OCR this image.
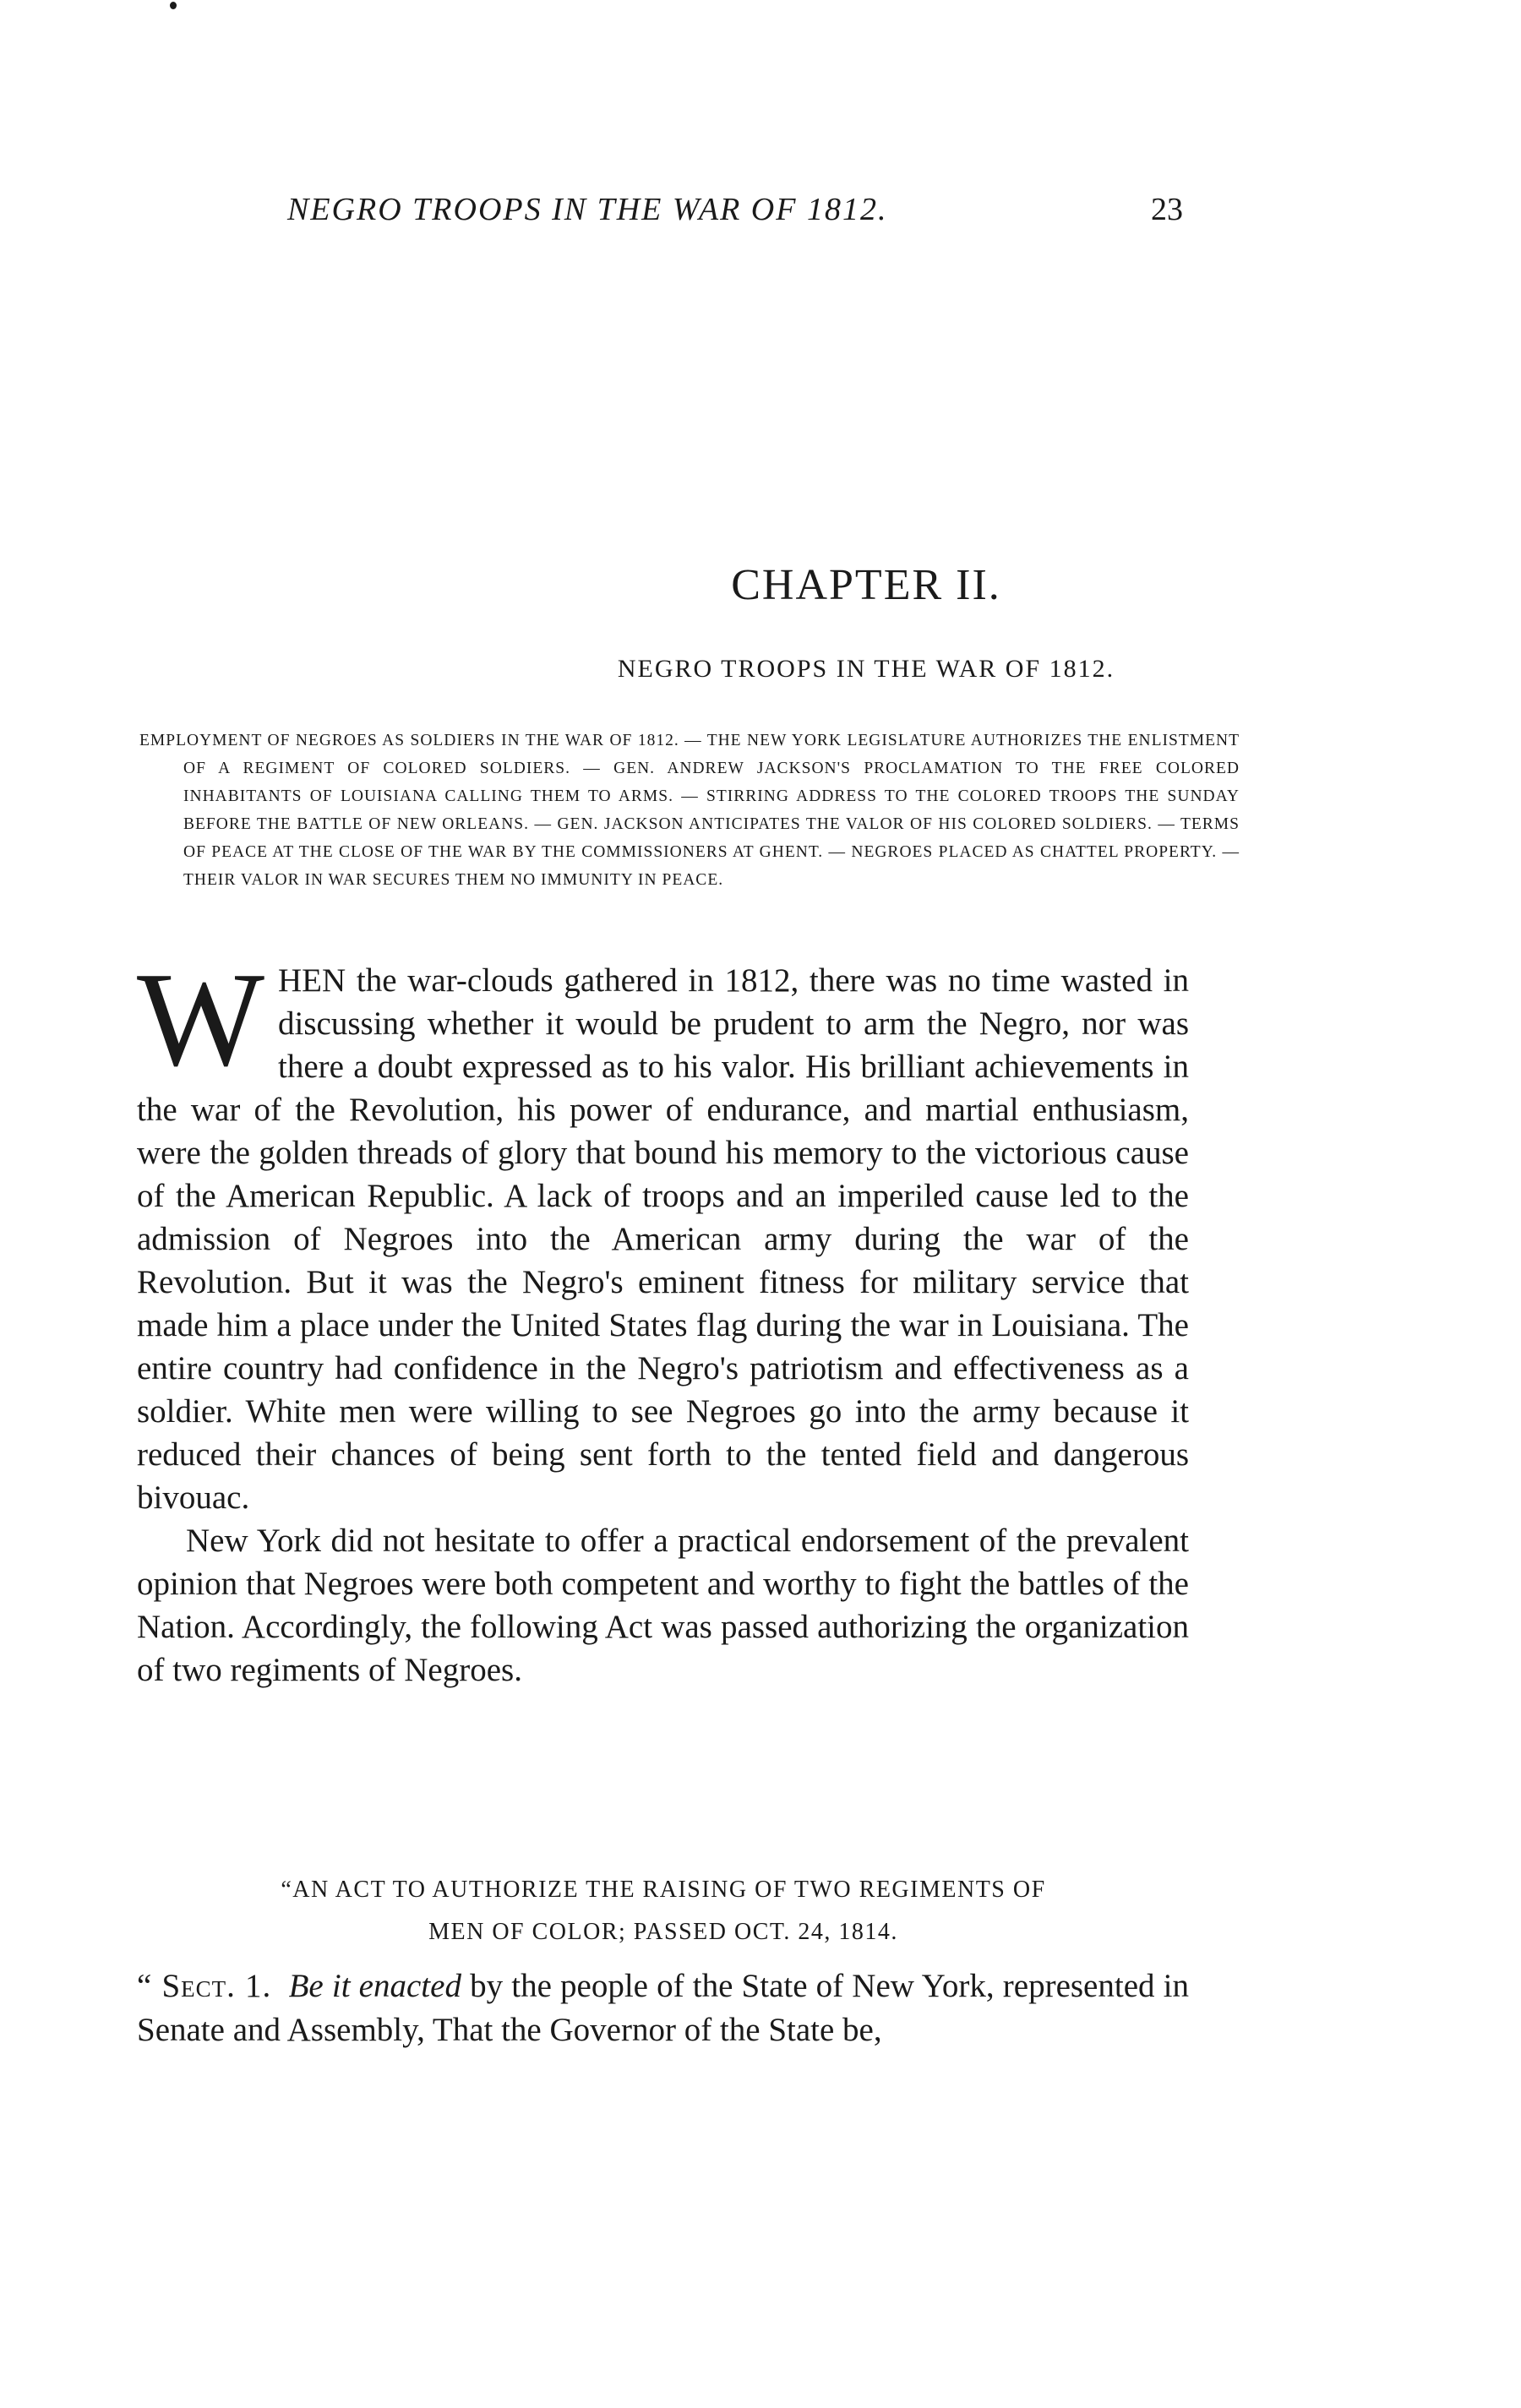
NEGRO TROOPS IN THE WAR OF 1812.	23
CHAPTER II.
NEGRO TROOPS IN THE WAR OF 1812.

EMPLOYMENT OF NEGROES AS SOLDIERS IN THE WAR OF 1812. — THE NEW YORK LEGISLATURE AUTHORIZES THE ENLISTMENT OF A REGIMENT OF COLORED SOLDIERS. — GEN. ANDREW JACKSON'S PROCLAMATION TO THE FREE COLORED INHABITANTS OF LOUISIANA CALLING THEM TO ARMS. — STIRRING ADDRESS TO THE COLORED TROOPS THE SUNDAY BEFORE THE BATTLE OF NEW ORLEANS. — GEN. JACKSON ANTICIPATES THE VALOR OF HIS COLORED SOLDIERS. — TERMS OF PEACE AT THE CLOSE OF THE WAR BY THE COMMISSIONERS AT GHENT. — NEGROES PLACED AS CHATTEL PROPERTY. — THEIR VALOR IN WAR SECURES THEM NO IMMUNITY IN PEACE.

WHEN the war-clouds gathered in 1812, there was no time wasted in discussing whether it would be prudent to arm the Negro, nor was there a doubt expressed as to his valor. His brilliant achievements in the war of the Revolution, his power of endurance, and martial enthusiasm, were the golden threads of glory that bound his memory to the victorious cause of the American Republic. A lack of troops and an imperiled cause led to the admission of Negroes into the American army during the war of the Revolution. But it was the Negro's eminent fitness for military service that made him a place under the United States flag during the war in Louisiana. The entire country had confidence in the Negro's patriotism and effectiveness as a soldier. White men were willing to see Negroes go into the army because it reduced their chances of being sent forth to the tented field and dangerous bivouac.

New York did not hesitate to offer a practical endorsement of the prevalent opinion that Negroes were both competent and worthy to fight the battles of the Nation. Accordingly, the following Act was passed authorizing the organization of two regiments of Negroes.

“AN ACT TO AUTHORIZE THE RAISING OF TWO REGIMENTS OF
MEN OF COLOR; PASSED OCT. 24, 1814.

“ Sect. 1. Be it enacted by the people of the State of New York, represented in Senate and Assembly, That the Governor of the State be,
